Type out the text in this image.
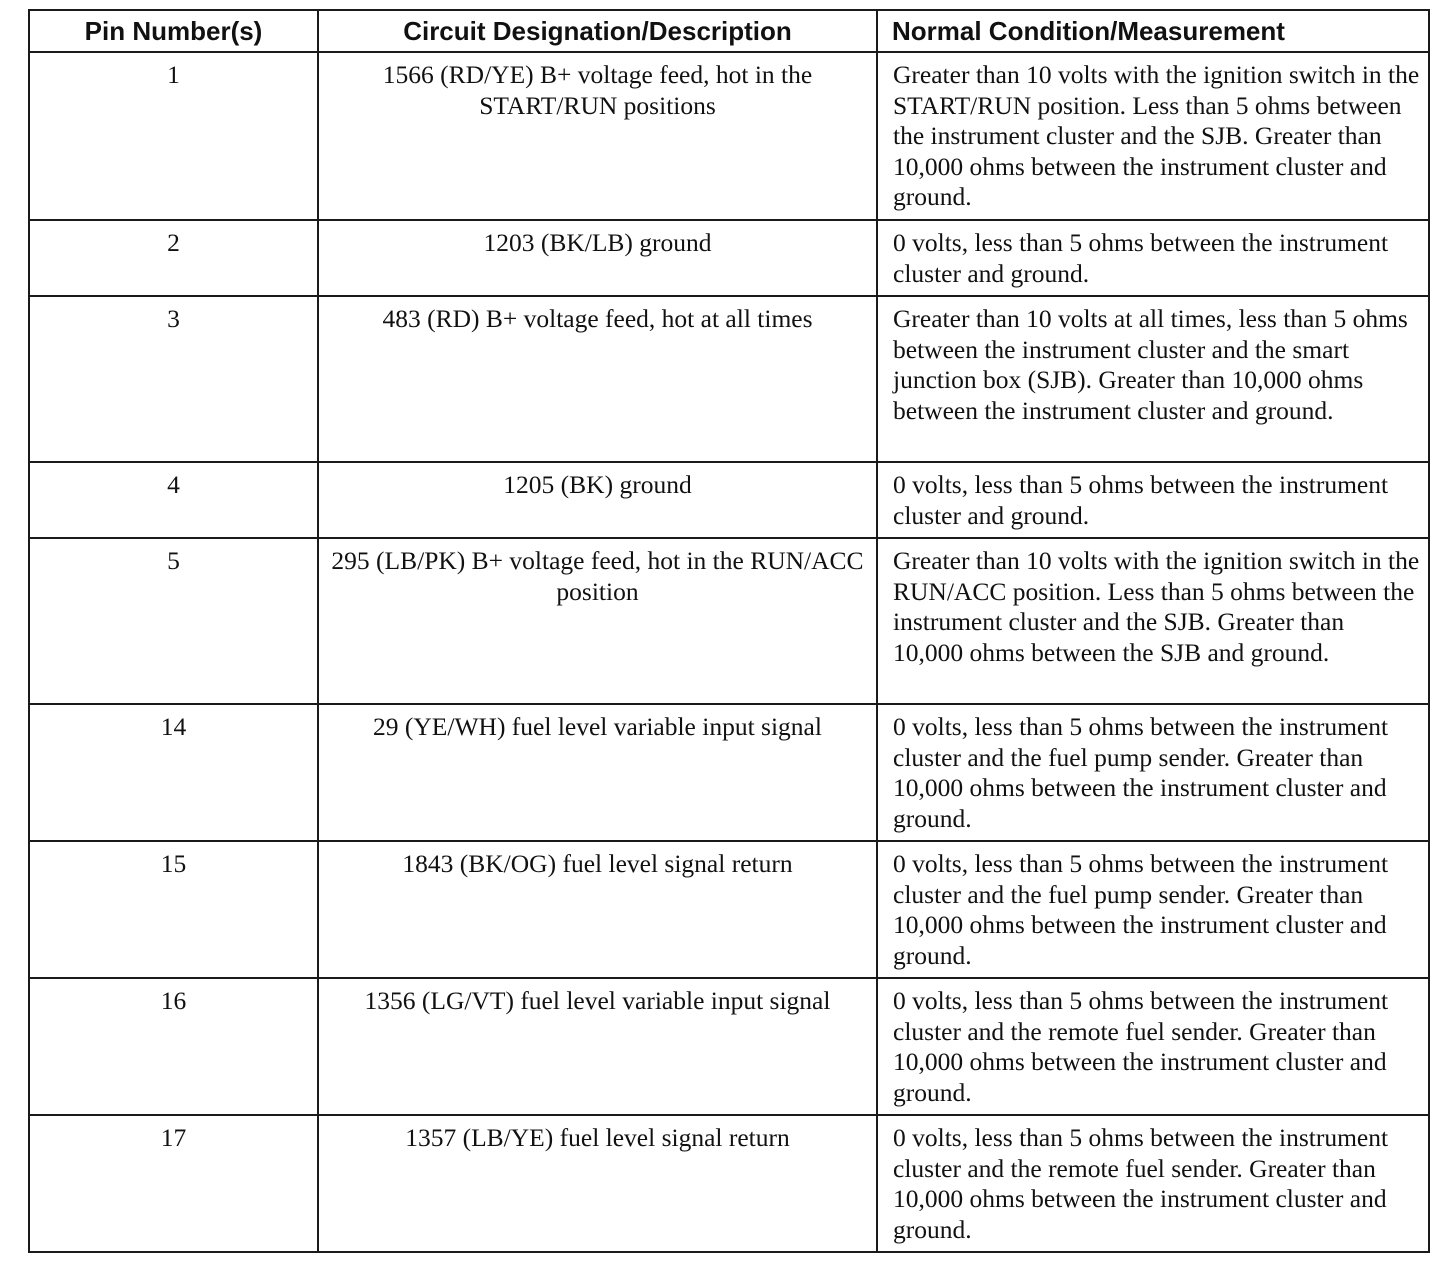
Pin Number(s)	Circuit Designation/Description	Normal Condition/Measurement
1	1566 (RD/YE) B+ voltage feed, hot in the START/RUN positions	Greater than 10 volts with the ignition switch in the START/RUN position. Less than 5 ohms between the instrument cluster and the SJB. Greater than 10,000 ohms between the instrument cluster and ground.
2	1203 (BK/LB) ground	0 volts, less than 5 ohms between the instrument cluster and ground.
3	483 (RD) B+ voltage feed, hot at all times	Greater than 10 volts at all times, less than 5 ohms between the instrument cluster and the smart junction box (SJB). Greater than 10,000 ohms between the instrument cluster and ground.
4	1205 (BK) ground	0 volts, less than 5 ohms between the instrument cluster and ground.
5	295 (LB/PK) B+ voltage feed, hot in the RUN/ACC position	Greater than 10 volts with the ignition switch in the RUN/ACC position. Less than 5 ohms between the instrument cluster and the SJB. Greater than 10,000 ohms between the SJB and ground.
14	29 (YE/WH) fuel level variable input signal	0 volts, less than 5 ohms between the instrument cluster and the fuel pump sender. Greater than 10,000 ohms between the instrument cluster and ground.
15	1843 (BK/OG) fuel level signal return	0 volts, less than 5 ohms between the instrument cluster and the fuel pump sender. Greater than 10,000 ohms between the instrument cluster and ground.
16	1356 (LG/VT) fuel level variable input signal	0 volts, less than 5 ohms between the instrument cluster and the remote fuel sender. Greater than 10,000 ohms between the instrument cluster and ground.
17	1357 (LB/YE) fuel level signal return	0 volts, less than 5 ohms between the instrument cluster and the remote fuel sender. Greater than 10,000 ohms between the instrument cluster and ground.
